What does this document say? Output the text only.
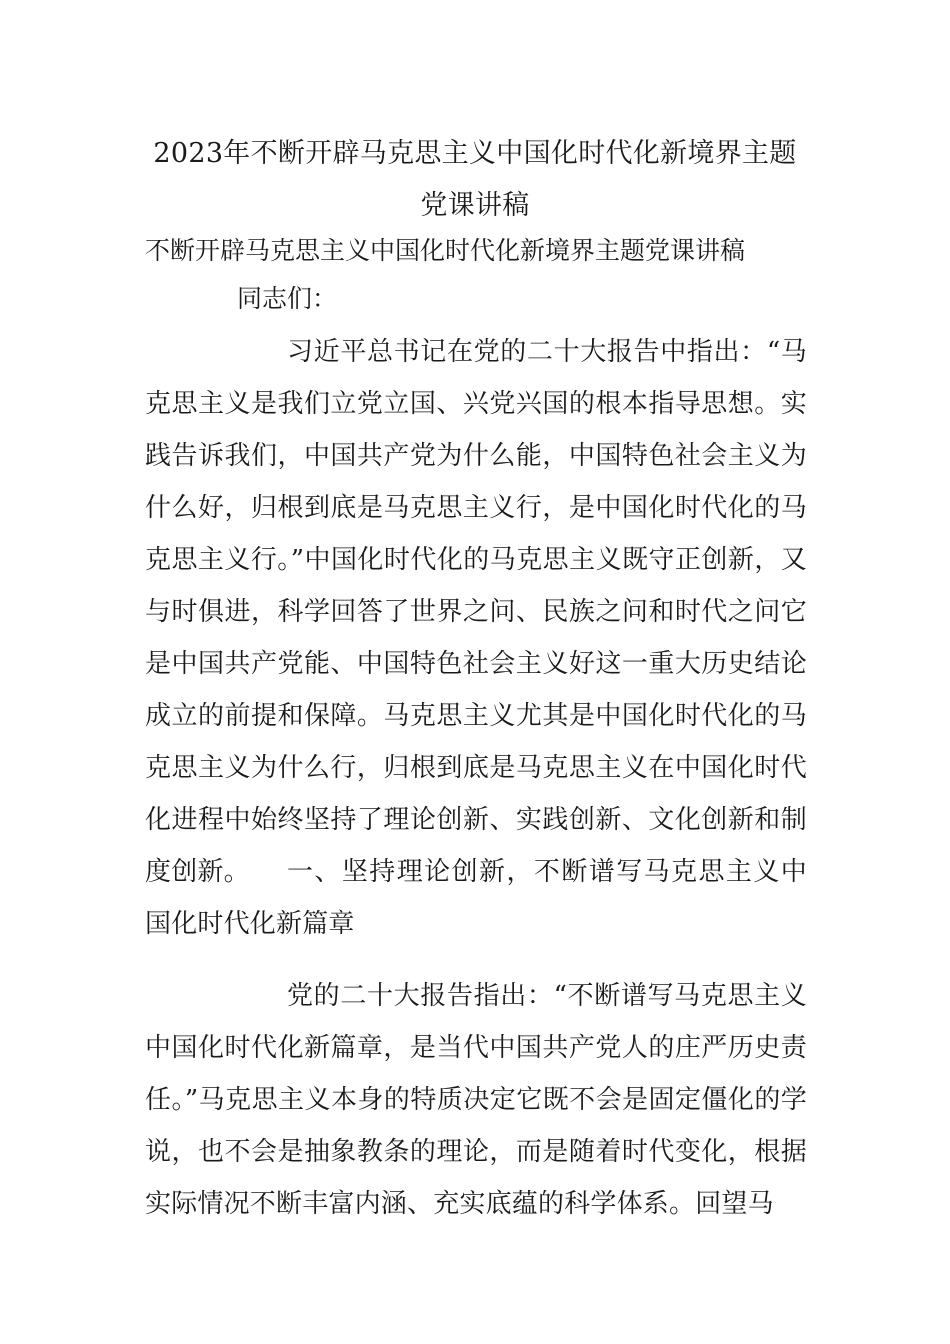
2023年不断开辟马克思主义中国化时代化新境界主题党课讲稿
不断开辟马克思主义中国化时代化新境界主题党课讲稿
同志们：
习近平总书记在党的二十大报告中指出：“马克思主义是我们立党立国、兴党兴国的根本指导思想。实践告诉我们，中国共产党为什么能，中国特色社会主义为什么好，归根到底是马克思主义行，是中国化时代化的马克思主义行。”中国化时代化的马克思主义既守正创新，又与时俱进，科学回答了世界之问、民族之问和时代之问它是中国共产党能、中国特色社会主义好这一重大历史结论成立的前提和保障。马克思主义尤其是中国化时代化的马克思主义为什么行，归根到底是马克思主义在中国化时代化进程中始终坚持了理论创新、实践创新、文化创新和制度创新。	一、坚持理论创新，不断谱写马克思主义中国化时代化新篇章
党的二十大报告指出：“不断谱写马克思主义中国化时代化新篇章，是当代中国共产党人的庄严历史责任。”马克思主义本身的特质决定它既不会是固定僵化的学说，也不会是抽象教条的理论，而是随着时代变化，根据实际情况不断丰富内涵、充实底蕴的科学体系。回望马
